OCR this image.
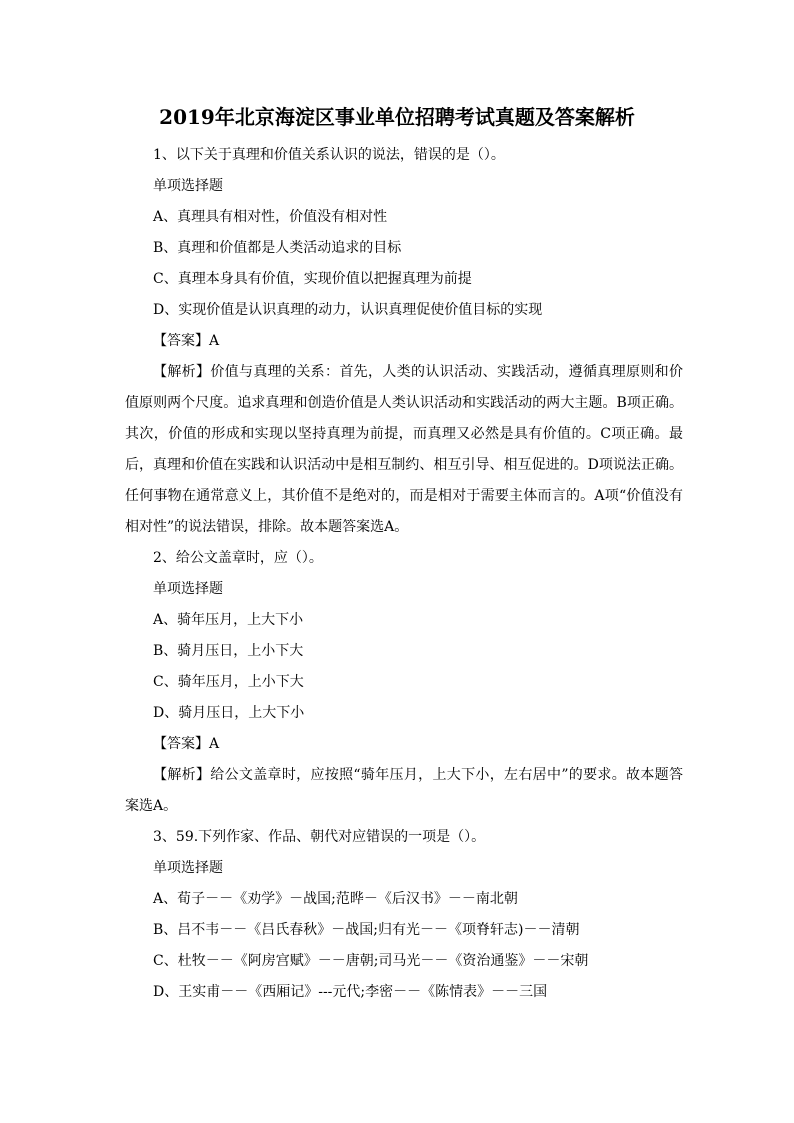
2019年北京海淀区事业单位招聘考试真题及答案解析
1、以下关于真理和价值关系认识的说法，错误的是（）。
单项选择题
A、真理具有相对性，价值没有相对性
B、真理和价值都是人类活动追求的目标
C、真理本身具有价值，实现价值以把握真理为前提
D、实现价值是认识真理的动力，认识真理促使价值目标的实现
【答案】A
【解析】价值与真理的关系：首先，人类的认识活动、实践活动，遵循真理原则和价值原则两个尺度。追求真理和创造价值是人类认识活动和实践活动的两大主题。B项正确。其次，价值的形成和实现以坚持真理为前提，而真理又必然是具有价值的。C项正确。最后，真理和价值在实践和认识活动中是相互制约、相互引导、相互促进的。D项说法正确。任何事物在通常意义上，其价值不是绝对的，而是相对于需要主体而言的。A项“价值没有相对性”的说法错误，排除。故本题答案选A。
2、给公文盖章时，应（）。
单项选择题
A、骑年压月，上大下小
B、骑月压日，上小下大
C、骑年压月，上小下大
D、骑月压日，上大下小
【答案】A
【解析】给公文盖章时，应按照“骑年压月，上大下小，左右居中”的要求。故本题答案选A。
3、59.下列作家、作品、朝代对应错误的一项是（）。
单项选择题
A、荀子－－《劝学》－战国;范晔－《后汉书》－－南北朝
B、吕不韦－－《吕氏春秋》－战国;归有光－－《项脊轩志)－－清朝
C、杜牧－－《阿房宫赋》－－唐朝;司马光－－《资治通鉴》－－宋朝
D、王实甫－－《西厢记》---元代;李密－－《陈情表》－－三国
